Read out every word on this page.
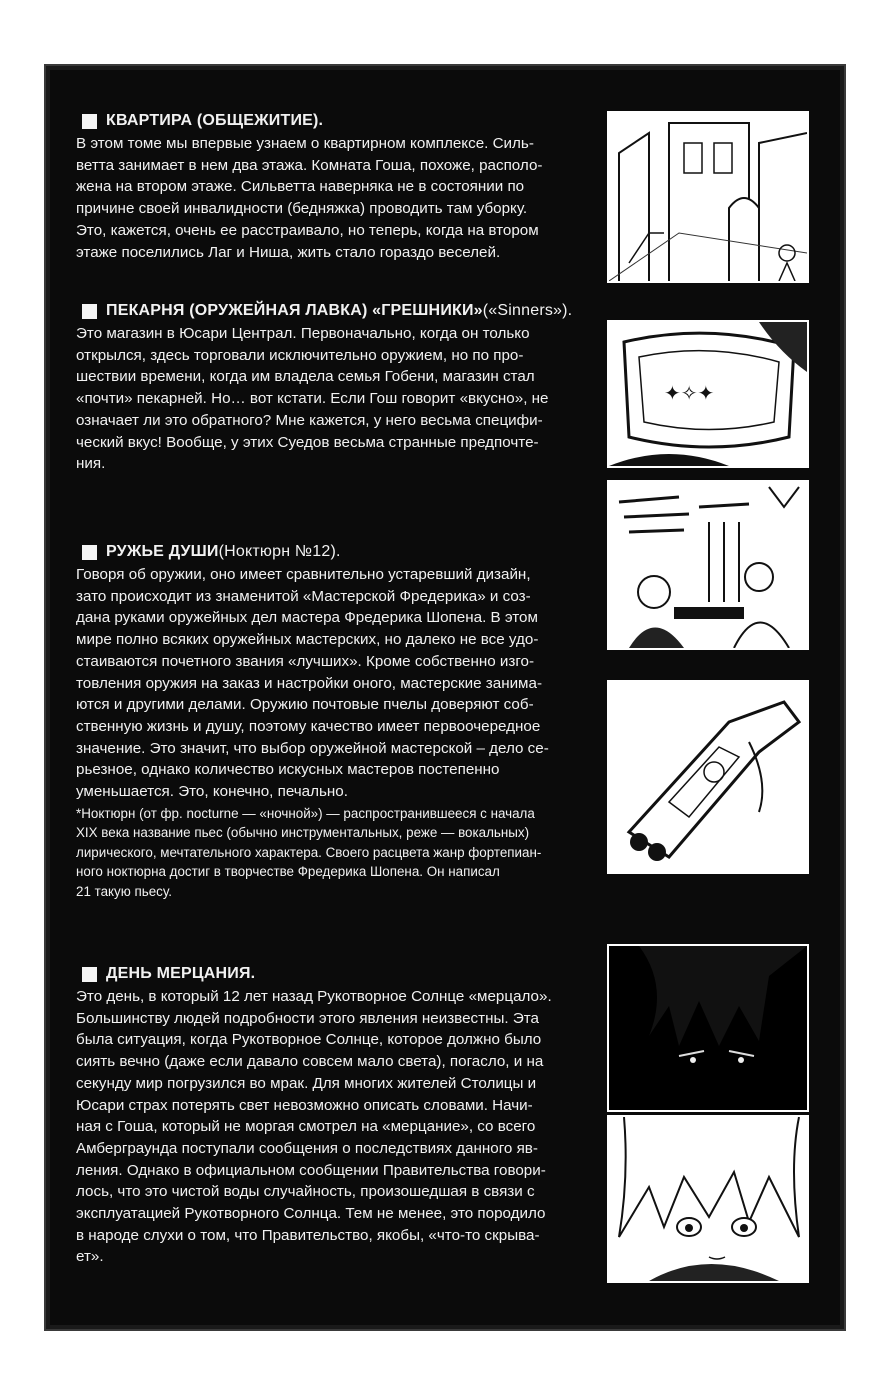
КВАРТИРА (ОБЩЕЖИТИЕ).

В этом томе мы впервые узнаем о квартирном комплексе. Силь-

ветта занимает в нем два этажа. Комната Гоша, похоже, располо-

жена на втором этаже. Сильветта наверняка не в состоянии по

причине своей инвалидности (бедняжка) проводить там уборку.

Это, кажется, очень ее расстраивало, но теперь, когда на втором

этаже поселились Лаг и Ниша, жить стало гораздо веселей.

ПЕКАРНЯ (ОРУЖЕЙНАЯ ЛАВКА) «ГРЕШНИКИ» («Sinners»).

Это магазин в Юсари Централ. Первоначально, когда он только

открылся, здесь торговали исключительно оружием, но по про-

шествии времени, когда им владела семья Гобени, магазин стал

«почти» пекарней. Но… вот кстати. Если Гош говорит «вкусно», не

означает ли это обратного? Мне кажется, у него весьма специфи-

ческий вкус! Вообще, у этих Суедов весьма странные предпочте-

ния.

РУЖЬЕ ДУШИ (Ноктюрн №12).

Говоря об оружии, оно имеет сравнительно устаревший дизайн,

зато происходит из знаменитой «Мастерской Фредерика» и соз-

дана руками оружейных дел мастера Фредерика Шопена. В этом

мире полно всяких оружейных мастерских, но далеко не все удо-

стаиваются почетного звания «лучших». Кроме собственно изго-

товления оружия на заказ и настройки оного, мастерские занима-

ются и другими делами. Оружию почтовые пчелы доверяют соб-

ственную жизнь и душу, поэтому качество имеет первоочередное

значение. Это значит, что выбор оружейной мастерской – дело се-

рьезное, однако количество искусных мастеров постепенно

уменьшается. Это, конечно, печально.

*Ноктюрн (от фр. nocturne — «ночной») — распространившееся с начала

XIX века название пьес (обычно инструментальных, реже — вокальных)

лирического, мечтательного характера. Своего расцвета жанр фортепиан-

ного ноктюрна достиг в творчестве Фредерика Шопена. Он написал

21 такую пьесу.

ДЕНЬ МЕРЦАНИЯ.

Это день, в который 12 лет назад Рукотворное Солнце «мерцало».

Большинству людей подробности этого явления неизвестны. Эта

была ситуация, когда Рукотворное Солнце, которое должно было

сиять вечно (даже если давало совсем мало света), погасло, и на

секунду мир погрузился во мрак. Для многих жителей Столицы и

Юсари страх потерять свет невозможно описать словами. Начи-

ная с Гоша, который не моргая смотрел на «мерцание», со всего

Амберграунда поступали сообщения о последствиях данного яв-

ления. Однако в официальном сообщении Правительства говори-

лось, что это чистой воды случайность, произошедшая в связи с

эксплуатацией Рукотворного Солнца. Тем не менее, это породило

в народе слухи о том, что Правительство, якобы, «что-то скрыва-

ет».

✦✧✦
